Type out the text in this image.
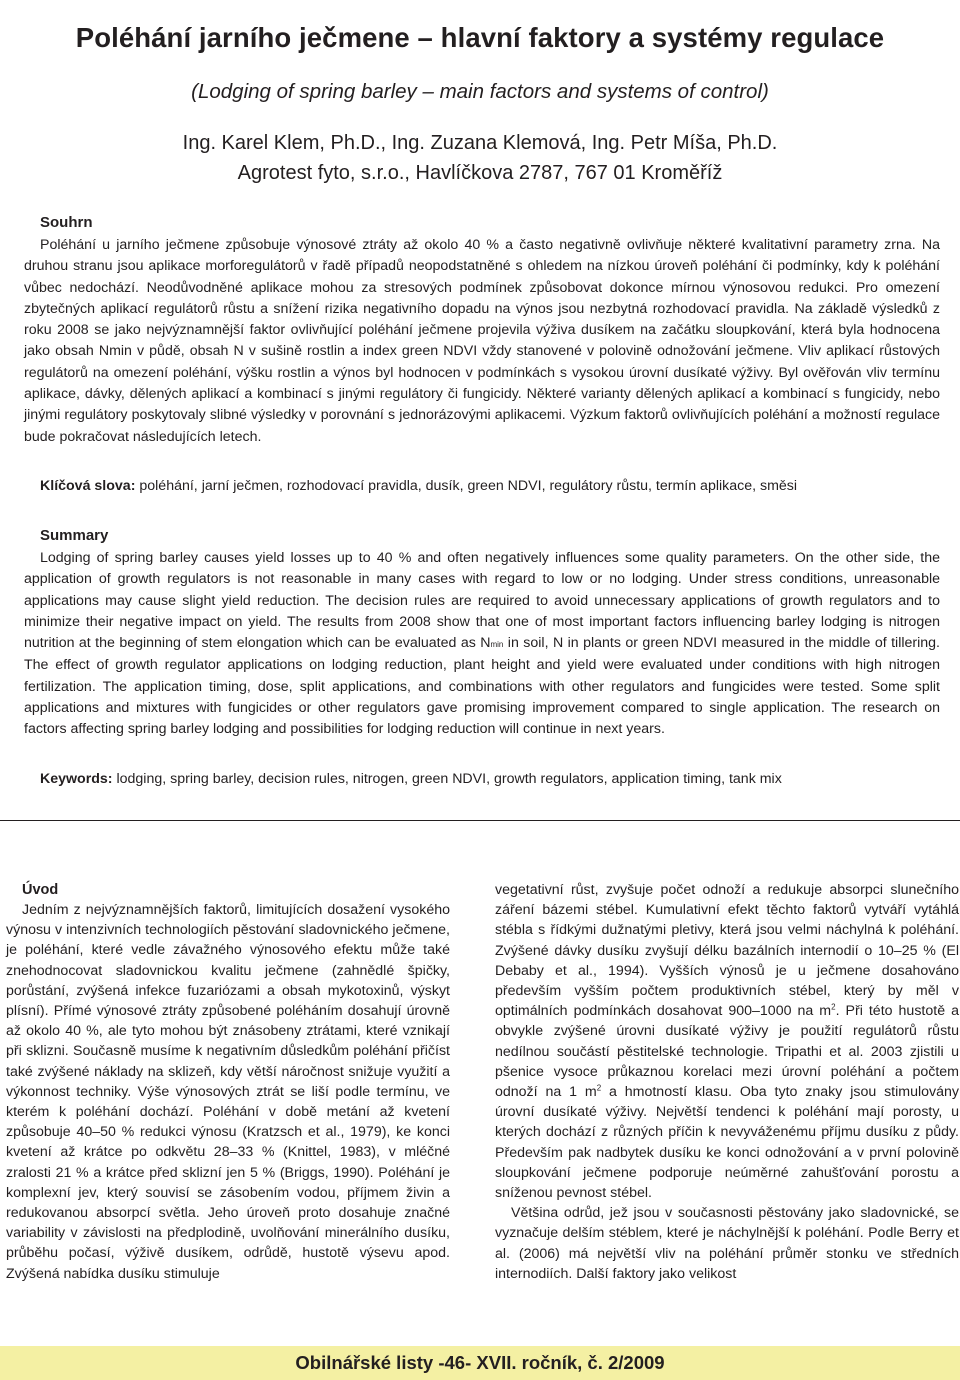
Poléhání jarního ječmene – hlavní faktory a systémy regulace
(Lodging of spring barley – main factors and systems of control)
Ing. Karel Klem, Ph.D., Ing. Zuzana Klemová, Ing. Petr Míša, Ph.D.
Agrotest fyto, s.r.o., Havlíčkova 2787, 767 01 Kroměříž
Souhrn

Poléhání u jarního ječmene způsobuje výnosové ztráty až okolo 40 % a často negativně ovlivňuje některé kvalitativní parametry zrna. Na druhou stranu jsou aplikace morforegulátorů v řadě případů neopodstatněné s ohledem na nízkou úroveň poléhání či podmínky, kdy k poléhání vůbec nedochází. Neodůvodněné aplikace mohou za stresových podmínek způsobovat dokonce mírnou výnosovou redukci. Pro omezení zbytečných aplikací regulátorů růstu a snížení rizika negativního dopadu na výnos jsou nezbytná rozhodovací pravidla. Na základě výsledků z roku 2008 se jako nejvýznamnější faktor ovlivňující poléhání ječmene projevila výživa dusíkem na začátku sloupkování, která byla hodnocena jako obsah Nmin v půdě, obsah N v sušině rostlin a index green NDVI vždy stanovené v polovině odnožování ječmene. Vliv aplikací růstových regulátorů na omezení poléhání, výšku rostlin a výnos byl hodnocen v podmínkách s vysokou úrovní dusíkaté výživy. Byl ověřován vliv termínu aplikace, dávky, dělených aplikací a kombinací s jinými regulátory či fungicidy. Některé varianty dělených aplikací a kombinací s fungicidy, nebo jinými regulátory poskytovaly slibné výsledky v porovnání s jednorázovými aplikacemi. Výzkum faktorů ovlivňujících poléhání a možností regulace bude pokračovat následujících letech.

Klíčová slova: poléhání, jarní ječmen, rozhodovací pravidla, dusík, green NDVI, regulátory růstu, termín aplikace, směsi
Summary

Lodging of spring barley causes yield losses up to 40 % and often negatively influences some quality parameters. On the other side, the application of growth regulators is not reasonable in many cases with regard to low or no lodging. Under stress conditions, unreasonable applications may cause slight yield reduction. The decision rules are required to avoid unnecessary applications of growth regulators and to minimize their negative impact on yield. The results from 2008 show that one of most important factors influencing barley lodging is nitrogen nutrition at the beginning of stem elongation which can be evaluated as Nmin in soil, N in plants or green NDVI measured in the middle of tillering. The effect of growth regulator applications on lodging reduction, plant height and yield were evaluated under conditions with high nitrogen fertilization. The application timing, dose, split applications, and combinations with other regulators and fungicides were tested. Some split applications and mixtures with fungicides or other regulators gave promising improvement compared to single application. The research on factors affecting spring barley lodging and possibilities for lodging reduction will continue in next years.

Keywords: lodging, spring barley, decision rules, nitrogen, green NDVI, growth regulators, application timing, tank mix
Úvod

Jedním z nejvýznamnějších faktorů, limitujících dosažení vysokého výnosu v intenzivních technologiích pěstování sladovnického ječmene, je poléhání, které vedle závažného výnosového efektu může také znehodnocovat sladovnickou kvalitu ječmene (zahnědlé špičky, porůstání, zvýšená infekce fuzariózami a obsah mykotoxinů, výskyt plísní). Přímé výnosové ztráty způsobené poléháním dosahují úrovně až okolo 40 %, ale tyto mohou být znásobeny ztrátami, které vznikají při sklizni. Současně musíme k negativním důsledkům poléhání přičíst také zvýšené náklady na sklizeň, kdy větší náročnost snižuje využití a výkonnost techniky. Výše výnosových ztrát se liší podle termínu, ve kterém k poléhání dochází. Poléhání v době metání až kvetení způsobuje 40–50 % redukci výnosu (Kratzsch et al., 1979), ke konci kvetení až krátce po odkvětu 28–33 % (Knittel, 1983), v mléčné zralosti 21 % a krátce před sklizní jen 5 % (Briggs, 1990). Poléhání je komplexní jev, který souvisí se zásobením vodou, příjmem živin a redukovanou absorpcí světla. Jeho úroveň proto dosahuje značné variability v závislosti na předplodině, uvolňování minerálního dusíku, průběhu počasí, výživě dusíkem, odrůdě, hustotě výsevu apod. Zvýšená nabídka dusíku stimuluje

vegetativní růst, zvyšuje počet odnoží a redukuje absorpci slunečního záření bázemi stébel. Kumulativní efekt těchto faktorů vytváří vytáhlá stébla s řídkými dužnatými pletivy, která jsou velmi náchylná k poléhání. Zvýšené dávky dusíku zvyšují délku bazálních internodií o 10–25 % (El Debaby et al., 1994). Vyšších výnosů je u ječmene dosahováno především vyšším počtem produktivních stébel, který by měl v optimálních podmínkách dosahovat 900–1000 na $m^2$. Při této hustotě a obvykle zvýšené úrovni dusíkaté výživy je použití regulátorů růstu nedílnou součástí pěstitelské technologie. Tripathi et al. 2003 zjistili u pšenice vysoce průkaznou korelaci mezi úrovní poléhání a počtem odnoží na 1 $m^2$ a hmotností klasu. Oba tyto znaky jsou stimulovány úrovní dusíkaté výživy. Největší tendenci k poléhání mají porosty, u kterých dochází z různých příčin k nevyváženému příjmu dusíku z půdy. Především pak nadbytek dusíku ke konci odnožování a v první polovině sloupkování ječmene podporuje neúměrné zahušťování porostu a sníženou pevnost stébel.

Většina odrůd, jež jsou v současnosti pěstovány jako sladovnické, se vyznačuje delším stéblem, které je náchylnější k poléhání. Podle Berry et al. (2006) má největší vliv na poléhání průměr stonku ve středních internodiích. Další faktory jako velikost

Obilnářské listy -46- XVII. ročník, č. 2/2009
